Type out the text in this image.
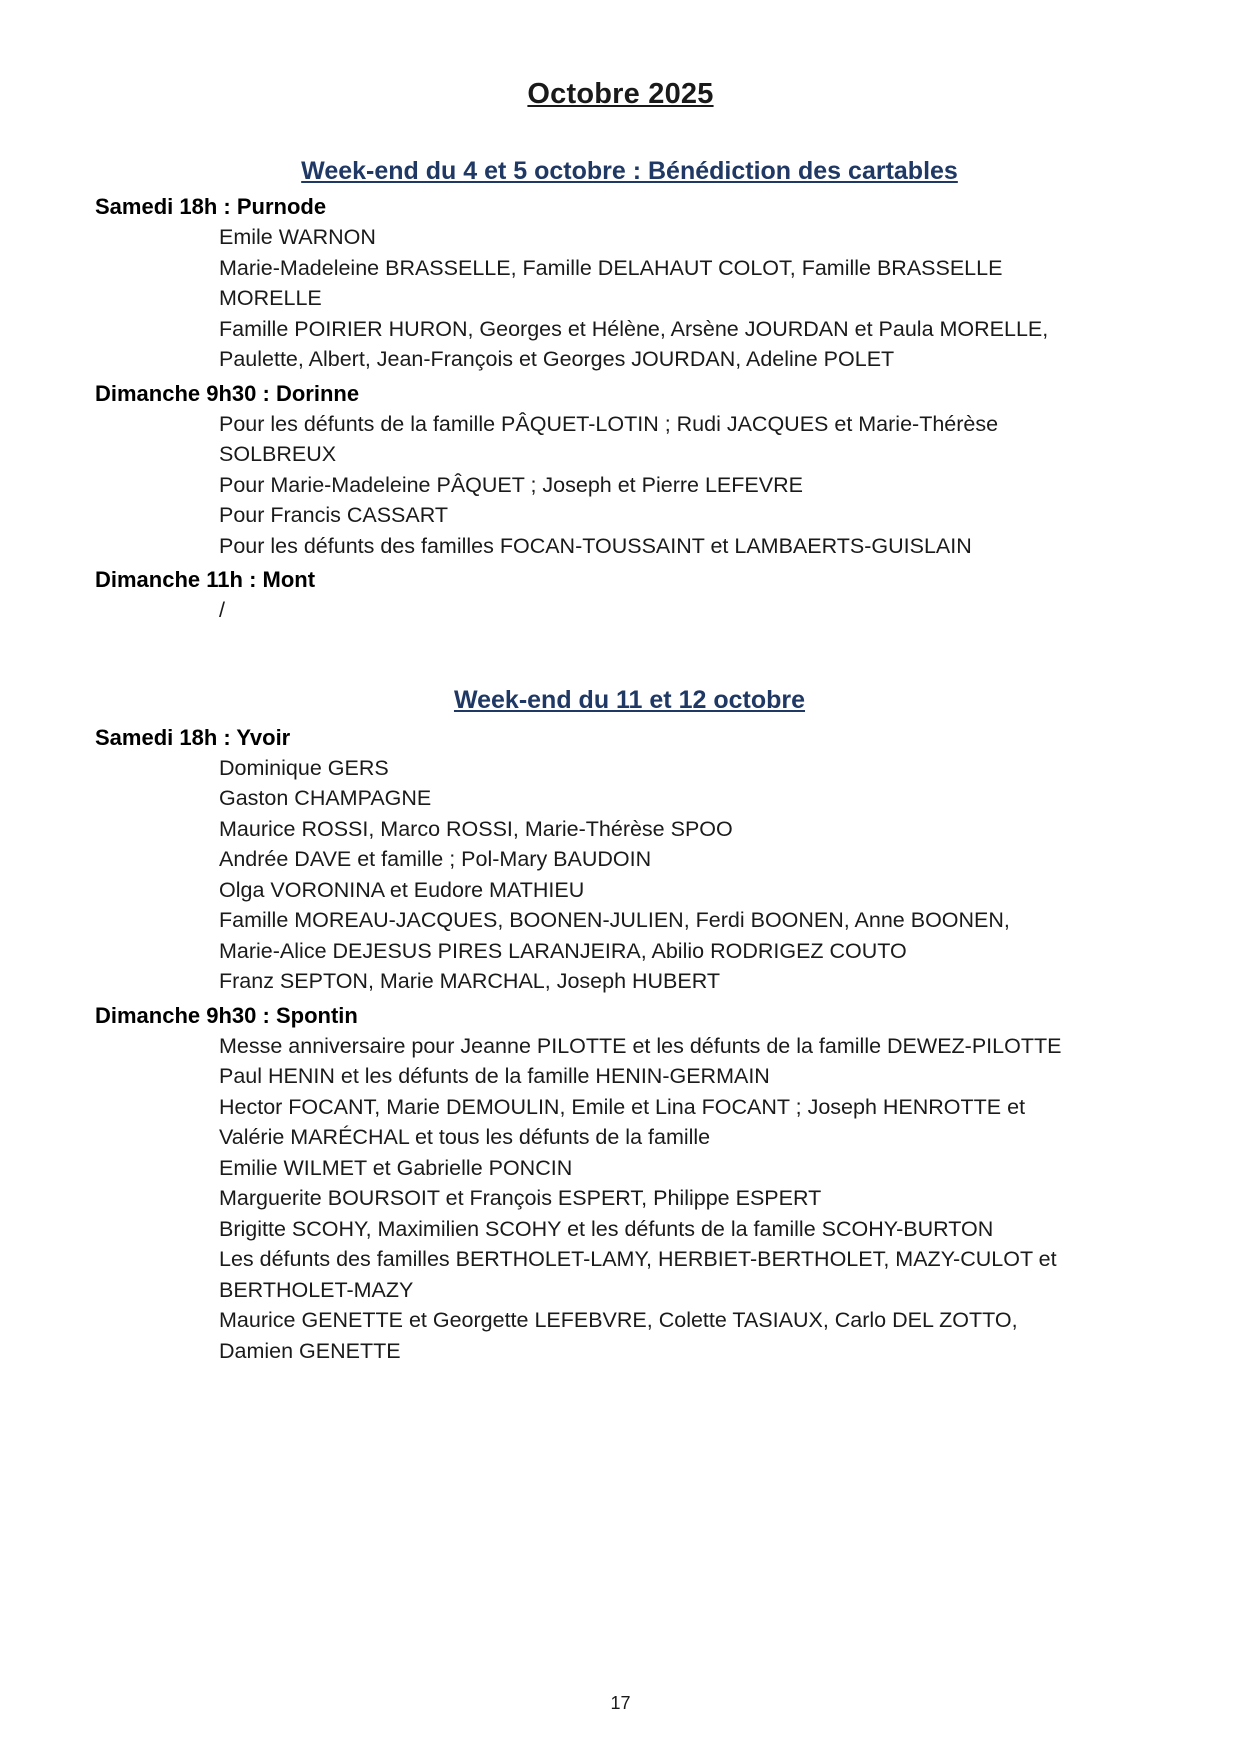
Octobre 2025
Week-end du 4 et 5 octobre : Bénédiction des cartables
Samedi 18h : Purnode

Emile WARNON

Marie-Madeleine BRASSELLE, Famille DELAHAUT COLOT, Famille BRASSELLE MORELLE

Famille POIRIER HURON, Georges et Hélène, Arsène JOURDAN et Paula MORELLE, Paulette, Albert, Jean-François et Georges JOURDAN, Adeline POLET

Dimanche 9h30 : Dorinne

Pour les défunts de la famille PÂQUET-LOTIN ; Rudi JACQUES et Marie-Thérèse SOLBREUX

Pour Marie-Madeleine PÂQUET ; Joseph et Pierre LEFEVRE

Pour Francis CASSART

Pour les défunts des familles FOCAN-TOUSSAINT et LAMBAERTS-GUISLAIN

Dimanche 11h : Mont

/

Week-end du 11 et 12 octobre
Samedi 18h : Yvoir

Dominique GERS

Gaston CHAMPAGNE

Maurice ROSSI, Marco ROSSI, Marie-Thérèse SPOO

Andrée DAVE et famille ; Pol-Mary BAUDOIN

Olga VORONINA et Eudore MATHIEU

Famille MOREAU-JACQUES, BOONEN-JULIEN, Ferdi BOONEN, Anne BOONEN, Marie-Alice DEJESUS PIRES LARANJEIRA, Abilio RODRIGEZ COUTO

Franz SEPTON, Marie MARCHAL, Joseph HUBERT

Dimanche 9h30 : Spontin

Messe anniversaire pour Jeanne PILOTTE et les défunts de la famille DEWEZ-PILOTTE

Paul HENIN et les défunts de la famille HENIN-GERMAIN

Hector FOCANT, Marie DEMOULIN, Emile et Lina FOCANT ; Joseph HENROTTE et Valérie MARÉCHAL et tous les défunts de la famille

Emilie WILMET et Gabrielle PONCIN

Marguerite BOURSOIT et François ESPERT, Philippe ESPERT

Brigitte SCOHY, Maximilien SCOHY et les défunts de la famille SCOHY-BURTON

Les défunts des familles BERTHOLET-LAMY, HERBIET-BERTHOLET, MAZY-CULOT et BERTHOLET-MAZY

Maurice GENETTE et Georgette LEFEBVRE, Colette TASIAUX, Carlo DEL ZOTTO, Damien GENETTE

17
